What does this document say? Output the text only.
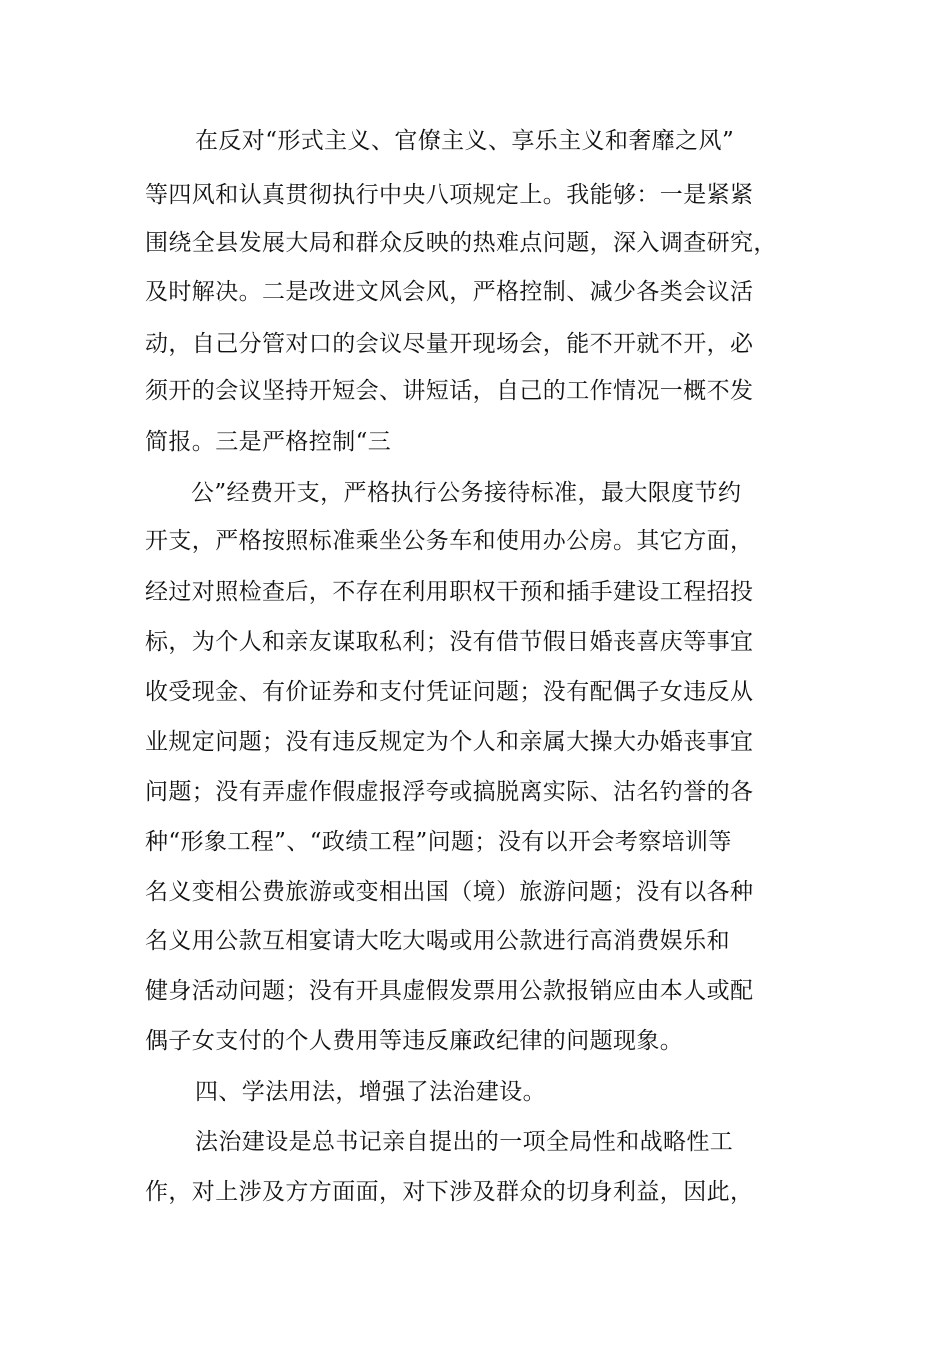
在反对“形式主义、官僚主义、享乐主义和奢靡之风”
等四风和认真贯彻执行中央八项规定上。我能够：一是紧紧
围绕全县发展大局和群众反映的热难点问题，深入调查研究，
及时解决。二是改进文风会风，严格控制、减少各类会议活
动，自己分管对口的会议尽量开现场会，能不开就不开，必
须开的会议坚持开短会、讲短话，自己的工作情况一概不发
简报。三是严格控制“三
公”经费开支，严格执行公务接待标准，最大限度节约
开支，严格按照标准乘坐公务车和使用办公房。其它方面，
经过对照检查后，不存在利用职权干预和插手建设工程招投
标，为个人和亲友谋取私利；没有借节假日婚丧喜庆等事宜
收受现金、有价证券和支付凭证问题；没有配偶子女违反从
业规定问题；没有违反规定为个人和亲属大操大办婚丧事宜
问题；没有弄虚作假虚报浮夸或搞脱离实际、沽名钓誉的各
种“形象工程”、“政绩工程”问题；没有以开会考察培训等
名义变相公费旅游或变相出国（境）旅游问题；没有以各种
名义用公款互相宴请大吃大喝或用公款进行高消费娱乐和
健身活动问题；没有开具虚假发票用公款报销应由本人或配
偶子女支付的个人费用等违反廉政纪律的问题现象。
四、学法用法，增强了法治建设。
法治建设是总书记亲自提出的一项全局性和战略性工
作，对上涉及方方面面，对下涉及群众的切身利益，因此，
